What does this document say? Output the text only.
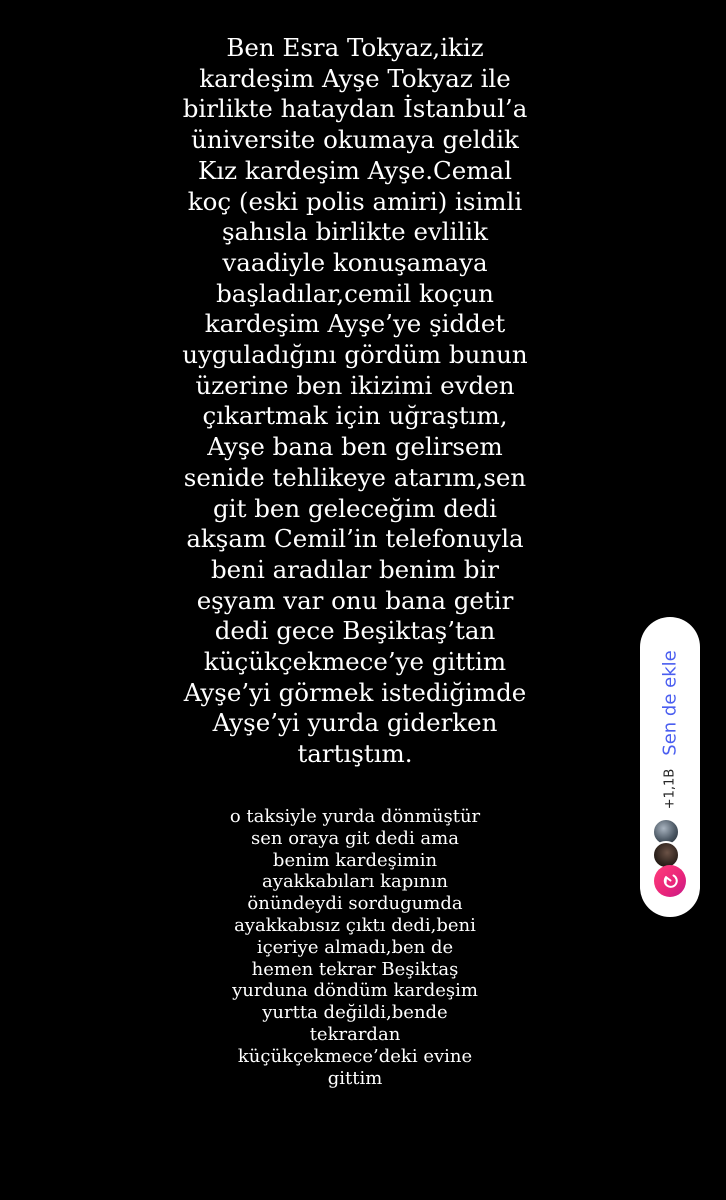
Ben Esra Tokyaz,ikiz
kardeşim Ayşe Tokyaz ile
birlikte hataydan İstanbul’a
üniversite okumaya geldik
Kız kardeşim Ayşe.Cemal
koç (eski polis amiri) isimli
şahısla birlikte evlilik
vaadiyle konuşamaya
başladılar,cemil koçun
kardeşim Ayşe’ye şiddet
uyguladığını gördüm bunun
üzerine ben ikizimi evden
çıkartmak için uğraştım,
Ayşe bana ben gelirsem
senide tehlikeye atarım,sen
git ben geleceğim dedi
akşam Cemil’in telefonuyla
beni aradılar benim bir
eşyam var onu bana getir
dedi gece Beşiktaş’tan
küçükçekmece’ye gittim
Ayşe’yi görmek istediğimde
Ayşe’yi yurda giderken
tartıştım.
o taksiyle yurda dönmüştür
sen oraya git dedi ama
benim kardeşimin
ayakkabıları kapının
önündeydi sordugumda
ayakkabısız çıktı dedi,beni
içeriye almadı,ben de
hemen tekrar Beşiktaş
yurduna döndüm kardeşim
yurtta değildi,bende
tekrardan
küçükçekmece’deki evine
gittim
Sen de ekle
+1,1B
